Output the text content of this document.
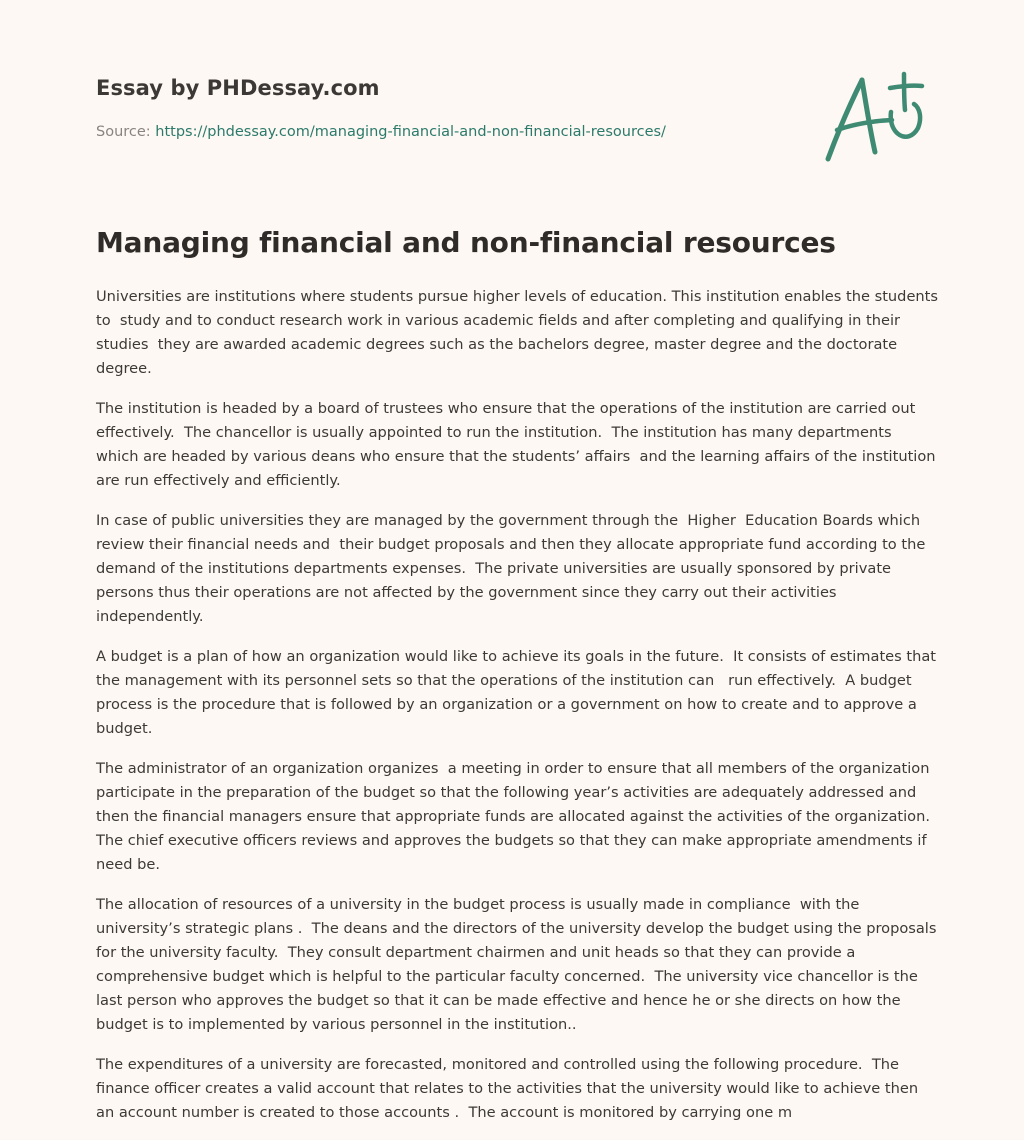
Essay by PHDessay.com
Source: https://phdessay.com/managing-financial-and-non-financial-resources/
Managing financial and non-financial resources

Universities are institutions where students pursue higher levels of education. This institution enables the students to  study and to conduct research work in various academic fields and after completing and qualifying in their studies  they are awarded academic degrees such as the bachelors degree, master degree and the doctorate degree.

The institution is headed by a board of trustees who ensure that the operations of the institution are carried out effectively.  The chancellor is usually appointed to run the institution.  The institution has many departments which are headed by various deans who ensure that the students’ affairs  and the learning affairs of the institution are run effectively and efficiently.

In case of public universities they are managed by the government through the  Higher  Education Boards which  review their financial needs and  their budget proposals and then they allocate appropriate fund according to the demand of the institutions departments expenses.  The private universities are usually sponsored by private persons thus their operations are not affected by the government since they carry out their activities independently.

A budget is a plan of how an organization would like to achieve its goals in the future.  It consists of estimates that the management with its personnel sets so that the operations of the institution can   run effectively.  A budget process is the procedure that is followed by an organization or a government on how to create and to approve a budget.

The administrator of an organization organizes  a meeting in order to ensure that all members of the organization participate in the preparation of the budget so that the following year’s activities are adequately addressed and then the financial managers ensure that appropriate funds are allocated against the activities of the organization.  The chief executive officers reviews and approves the budgets so that they can make appropriate amendments if need be.

The allocation of resources of a university in the budget process is usually made in compliance  with the university’s strategic plans .  The deans and the directors of the university develop the budget using the proposals for the university faculty.  They consult department chairmen and unit heads so that they can provide a comprehensive budget which is helpful to the particular faculty concerned.  The university vice chancellor is the last person who approves the budget so that it can be made effective and hence he or she directs on how the budget is to implemented by various personnel in the institution..

The expenditures of a university are forecasted, monitored and controlled using the following procedure.  The finance officer creates a valid account that relates to the activities that the university would like to achieve then an account number is created to those accounts .  The account is monitored by carrying one m
